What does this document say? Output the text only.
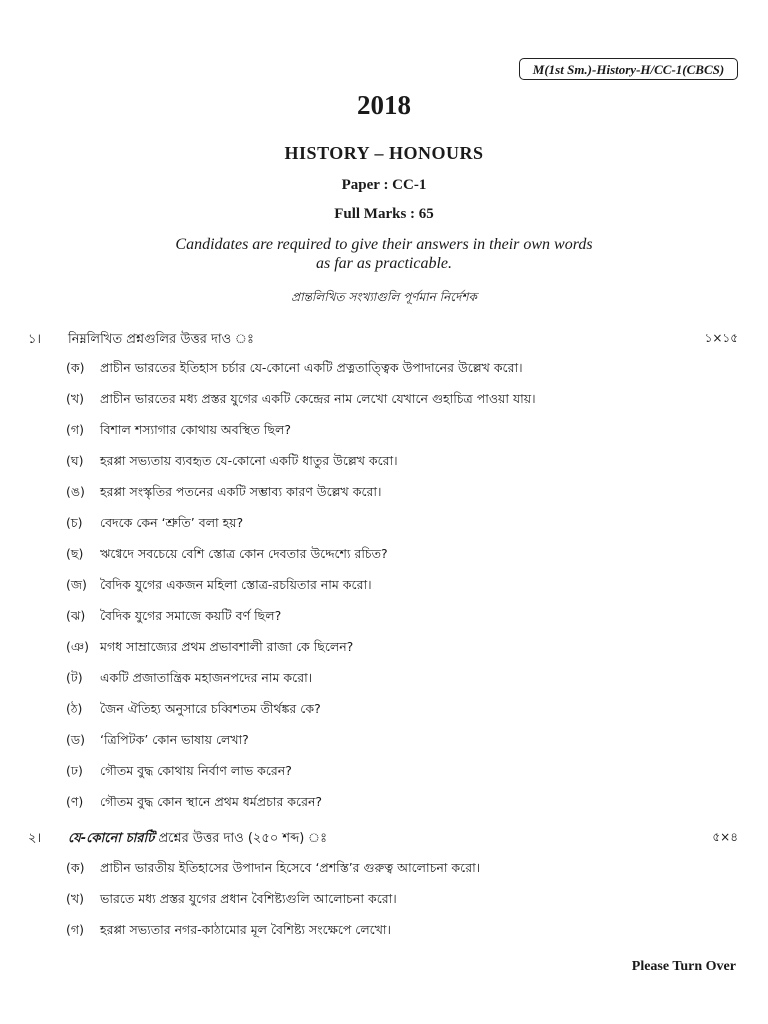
M(1st Sm.)-History-H/CC-1(CBCS)
2018
HISTORY – HONOURS
Paper : CC-1
Full Marks : 65
Candidates are required to give their answers in their own words
as far as practicable.
প্রান্তলিখিত সংখ্যাগুলি পূর্ণমান নির্দেশক
১। নিম্নলিখিত প্রশ্নগুলির উত্তর দাও ঃ	১×১৫
(ক) প্রাচীন ভারতের ইতিহাস চর্চার যে-কোনো একটি প্রত্নতাত্ত্বিক উপাদানের উল্লেখ করো।
(খ) প্রাচীন ভারতের মধ্য প্রস্তর যুগের একটি কেন্দ্রের নাম লেখো যেখানে গুহাচিত্র পাওয়া যায়।
(গ) বিশাল শস্যাগার কোথায় অবস্থিত ছিল?
(ঘ) হরপ্পা সভ্যতায় ব্যবহৃত যে-কোনো একটি ধাতুর উল্লেখ করো।
(ঙ) হরপ্পা সংস্কৃতির পতনের একটি সম্ভাব্য কারণ উল্লেখ করো।
(চ) বেদকে কেন ‘শ্রুতি’ বলা হয়?
(ছ) ঋগ্বেদে সবচেয়ে বেশি স্তোত্র কোন দেবতার উদ্দেশ্যে রচিত?
(জ) বৈদিক যুগের একজন মহিলা স্তোত্র-রচয়িতার নাম করো।
(ঝ) বৈদিক যুগের সমাজে কয়টি বর্ণ ছিল?
(ঞ) মগধ সাম্রাজ্যের প্রথম প্রভাবশালী রাজা কে ছিলেন?
(ট) একটি প্রজাতান্ত্রিক মহাজনপদের নাম করো।
(ঠ) জৈন ঐতিহ্য অনুসারে চব্বিশতম তীর্থঙ্কর কে?
(ড) ‘ত্রিপিটক’ কোন ভাষায় লেখা?
(ঢ) গৌতম বুদ্ধ কোথায় নির্বাণ লাভ করেন?
(ণ) গৌতম বুদ্ধ কোন স্থানে প্রথম ধর্মপ্রচার করেন?
২। যে-কোনো চারটি প্রশ্নের উত্তর দাও (২৫০ শব্দ) ঃ	৫×৪
(ক) প্রাচীন ভারতীয় ইতিহাসের উপাদান হিসেবে ‘প্রশস্তি’র গুরুত্ব আলোচনা করো।
(খ) ভারতে মধ্য প্রস্তর যুগের প্রধান বৈশিষ্ট্যগুলি আলোচনা করো।
(গ) হরপ্পা সভ্যতার নগর-কাঠামোর মূল বৈশিষ্ট্য সংক্ষেপে লেখো।
Please Turn Over
